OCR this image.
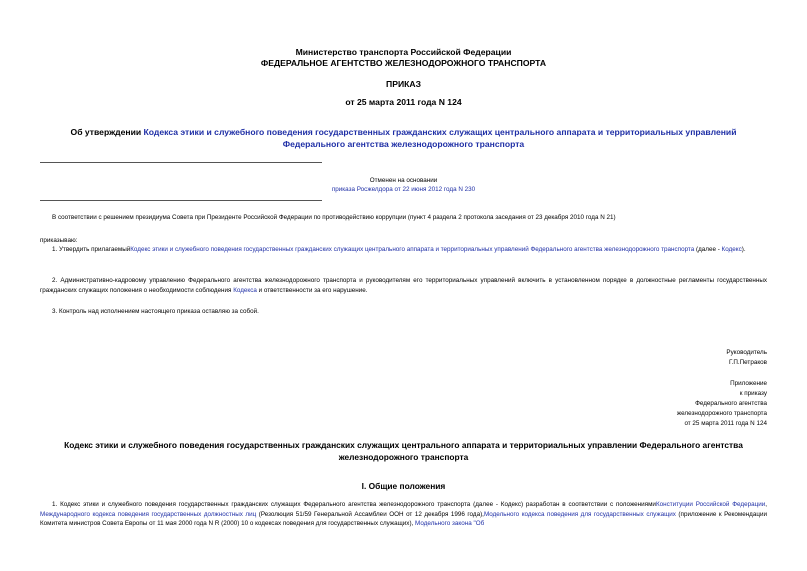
Министерство транспорта Российской Федерации
ФЕДЕРАЛЬНОЕ АГЕНТСТВО ЖЕЛЕЗНОДОРОЖНОГО ТРАНСПОРТА
ПРИКАЗ
от 25 марта 2011 года N 124
Об утверждении Кодекса этики и служебного поведения государственных гражданских служащих центрального аппарата и территориальных управлений Федерального агентства железнодорожного транспорта
Отменен на основании
приказа Росжелдора от 22 июня 2012 года N 230
В соответствии с решением президиума Совета при Президенте Российской Федерации по противодействию коррупции (пункт 4 раздела 2 протокола заседания от 23 декабря 2010 года N 21)
приказываю:
1. Утвердить прилагаемыйКодекс этики и служебного поведения государственных гражданских служащих центрального аппарата и территориальных управлений Федерального агентства железнодорожного транспорта (далее - Кодекс).
2. Административно-кадровому управлению Федерального агентства железнодорожного транспорта и руководителям его территориальных управлений включить в установленном порядке в должностные регламенты государственных гражданских служащих положения о необходимости соблюдения Кодекса и ответственности за его нарушение.
3. Контроль над исполнением настоящего приказа оставляю за собой.
Руководитель
Г.П.Петраков
Приложение
к приказу
Федерального агентства
железнодорожного транспорта
от 25 марта 2011 года N 124
Кодекс этики и служебного поведения государственных гражданских служащих центрального аппарата и территориальных управлении Федерального агентства железнодорожного транспорта
I. Общие положения
1. Кодекс этики и служебного поведения государственных гражданских служащих Федерального агентства железнодорожного транспорта (далее - Кодекс) разработан в соответствии с положениямиКонституции Российской Федерации, Международного кодекса поведения государственных должностных лиц (Резолюция 51/59 Генеральной Ассамблеи ООН от 12 декабря 1996 года),Модельного кодекса поведения для государственных служащих (приложение к Рекомендации Комитета министров Совета Европы от 11 мая 2000 года N R (2000) 10 о кодексах поведения для государственных служащих), Модельного закона "Об
